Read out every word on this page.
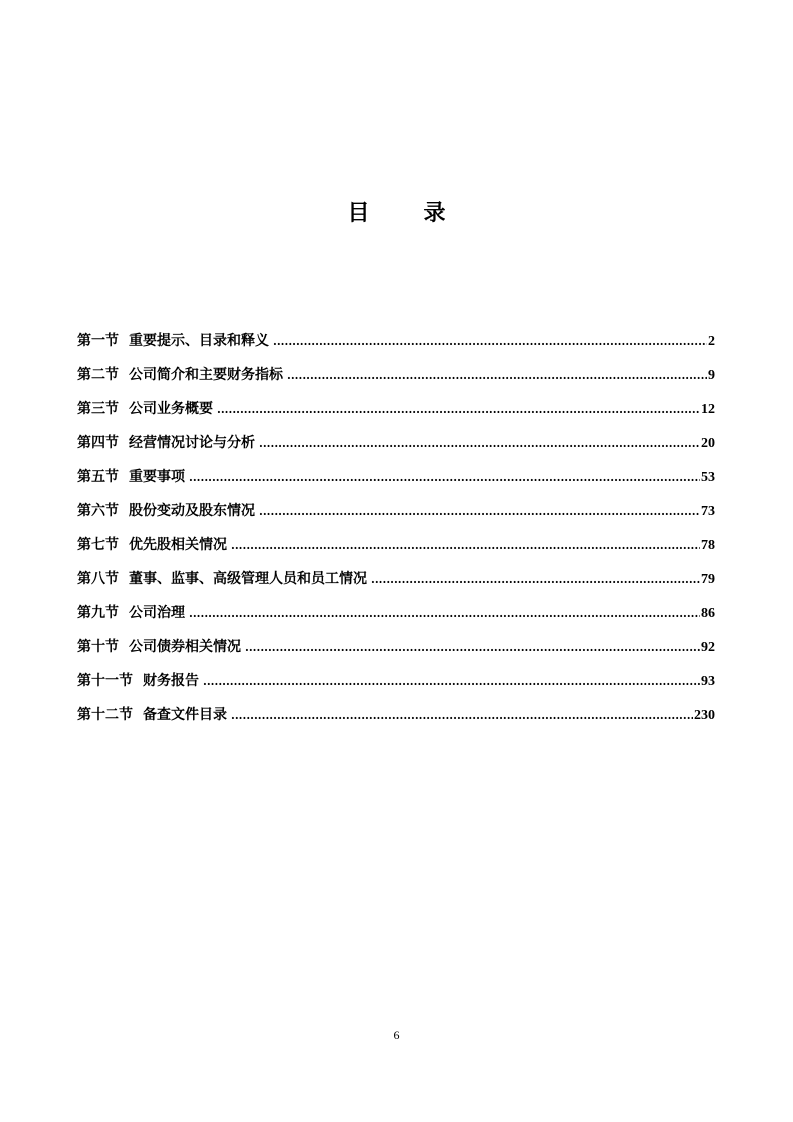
目 录
第一节 重要提示、目录和释义 .....	2
第二节 公司简介和主要财务指标 .....	9
第三节 公司业务概要 .....	12
第四节 经营情况讨论与分析 .....	20
第五节 重要事项 .....	53
第六节 股份变动及股东情况 .....	73
第七节 优先股相关情况 .....	78
第八节 董事、监事、高级管理人员和员工情况 .....	79
第九节 公司治理 .....	86
第十节 公司债券相关情况 .....	92
第十一节 财务报告 .....	93
第十二节 备查文件目录 .....	230
6
